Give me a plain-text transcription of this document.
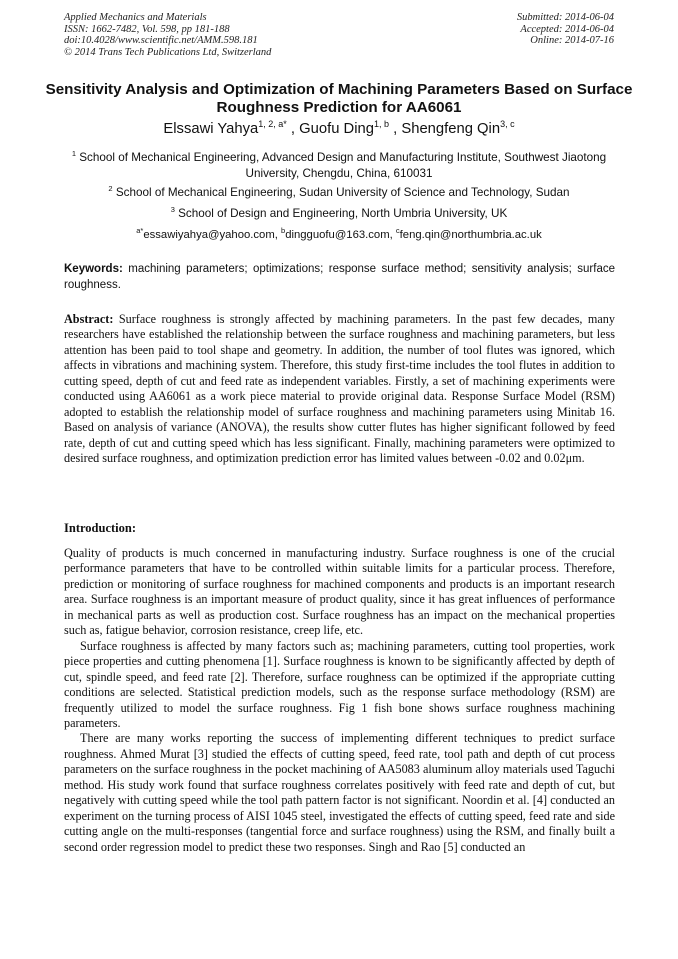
Applied Mechanics and Materials
ISSN: 1662-7482, Vol. 598, pp 181-188
doi:10.4028/www.scientific.net/AMM.598.181
© 2014 Trans Tech Publications Ltd, Switzerland
Submitted: 2014-06-04
Accepted: 2014-06-04
Online: 2014-07-16
Sensitivity Analysis and Optimization of Machining Parameters Based on Surface Roughness Prediction for AA6061
Elssawi Yahya$^{1, 2, a*}$ , Guofu Ding$^{1, b}$ , Shengfeng Qin$^{3, c}$
$^1$ School of Mechanical Engineering, Advanced Design and Manufacturing Institute, Southwest Jiaotong University, Chengdu, China, 610031
$^2$ School of Mechanical Engineering, Sudan University of Science and Technology, Sudan
$^3$ School of Design and Engineering, North Umbria University, UK
$^{a*}$essawiyahya@yahoo.com, $^b$dingguofu@163.com, $^c$feng.qin@northumbria.ac.uk
Keywords: machining parameters; optimizations; response surface method; sensitivity analysis; surface roughness.
Abstract: Surface roughness is strongly affected by machining parameters. In the past few decades, many researchers have established the relationship between the surface roughness and machining parameters, but less attention has been paid to tool shape and geometry. In addition, the number of tool flutes was ignored, which affects in vibrations and machining system. Therefore, this study first-time includes the tool flutes in addition to cutting speed, depth of cut and feed rate as independent variables. Firstly, a set of machining experiments were conducted using AA6061 as a work piece material to provide original data. Response Surface Model (RSM) adopted to establish the relationship model of surface roughness and machining parameters using Minitab 16. Based on analysis of variance (ANOVA), the results show cutter flutes has higher significant followed by feed rate, depth of cut and cutting speed which has less significant. Finally, machining parameters were optimized to desired surface roughness, and optimization prediction error has limited values between -0.02 and 0.02μm.
Introduction:

Quality of products is much concerned in manufacturing industry. Surface roughness is one of the crucial performance parameters that have to be controlled within suitable limits for a particular process. Therefore, prediction or monitoring of surface roughness for machined components and products is an important research area. Surface roughness is an important measure of product quality, since it has great influences of performance in mechanical parts as well as production cost. Surface roughness has an impact on the mechanical properties such as, fatigue behavior, corrosion resistance, creep life, etc.

Surface roughness is affected by many factors such as; machining parameters, cutting tool properties, work piece properties and cutting phenomena [1]. Surface roughness is known to be significantly affected by depth of cut, spindle speed, and feed rate [2]. Therefore, surface roughness can be optimized if the appropriate cutting conditions are selected. Statistical prediction models, such as the response surface methodology (RSM) are frequently utilized to model the surface roughness. Fig 1 fish bone shows surface roughness machining parameters.

There are many works reporting the success of implementing different techniques to predict surface roughness. Ahmed Murat [3] studied the effects of cutting speed, feed rate, tool path and depth of cut process parameters on the surface roughness in the pocket machining of AA5083 aluminum alloy materials used Taguchi method. His study work found that surface roughness correlates positively with feed rate and depth of cut, but negatively with cutting speed while the tool path pattern factor is not significant. Noordin et al. [4] conducted an experiment on the turning process of AISI 1045 steel, investigated the effects of cutting speed, feed rate and side cutting angle on the multi-responses (tangential force and surface roughness) using the RSM, and finally built a second order regression model to predict these two responses. Singh and Rao [5] conducted an
